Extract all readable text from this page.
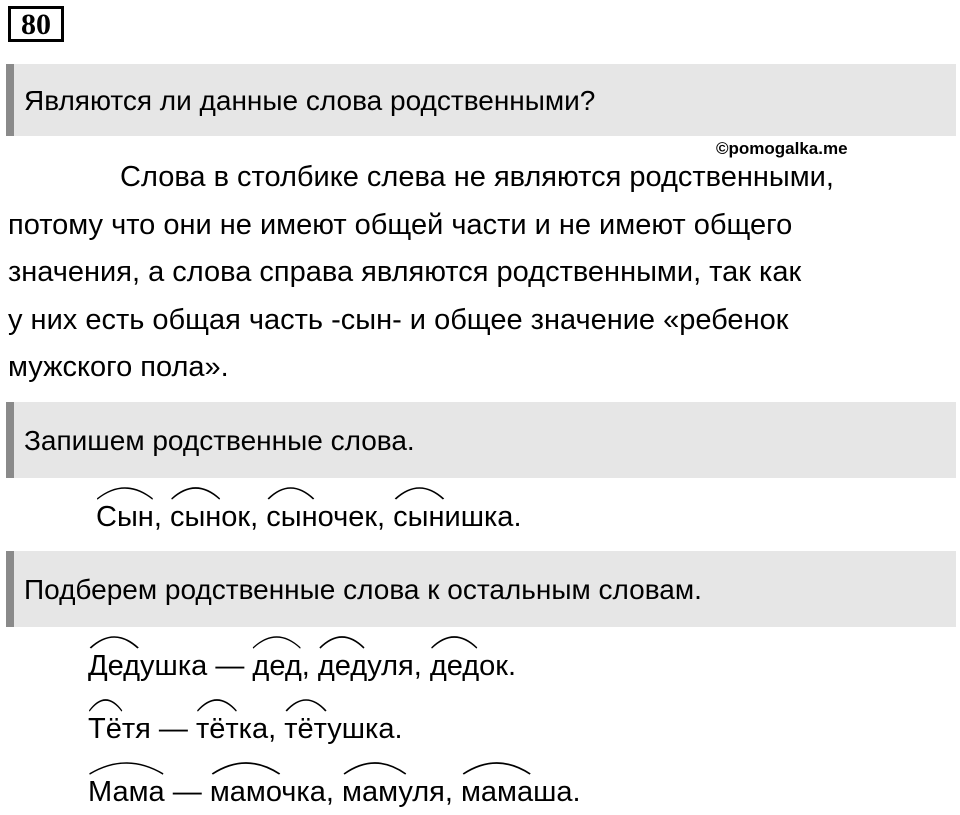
80
Являются ли данные слова родственными?
©pomogalka.me
Слова в столбике слева не являются родственными,
потому что они не имеют общей части и не имеют общего
значения, а слова справа являются родственными, так как
у них есть общая часть -сын- и общее значение «ребенок
мужского пола».
Запишем родственные слова.
Сын,
сынок,
сыночек,
сынишка.
Подберем родственные слова к остальным словам.
Дедушка —
дед,
дедуля,
дедок.
Тётя —
тётка,
тётушка.
Мама —
мамочка,
мамуля,
мамаша.
